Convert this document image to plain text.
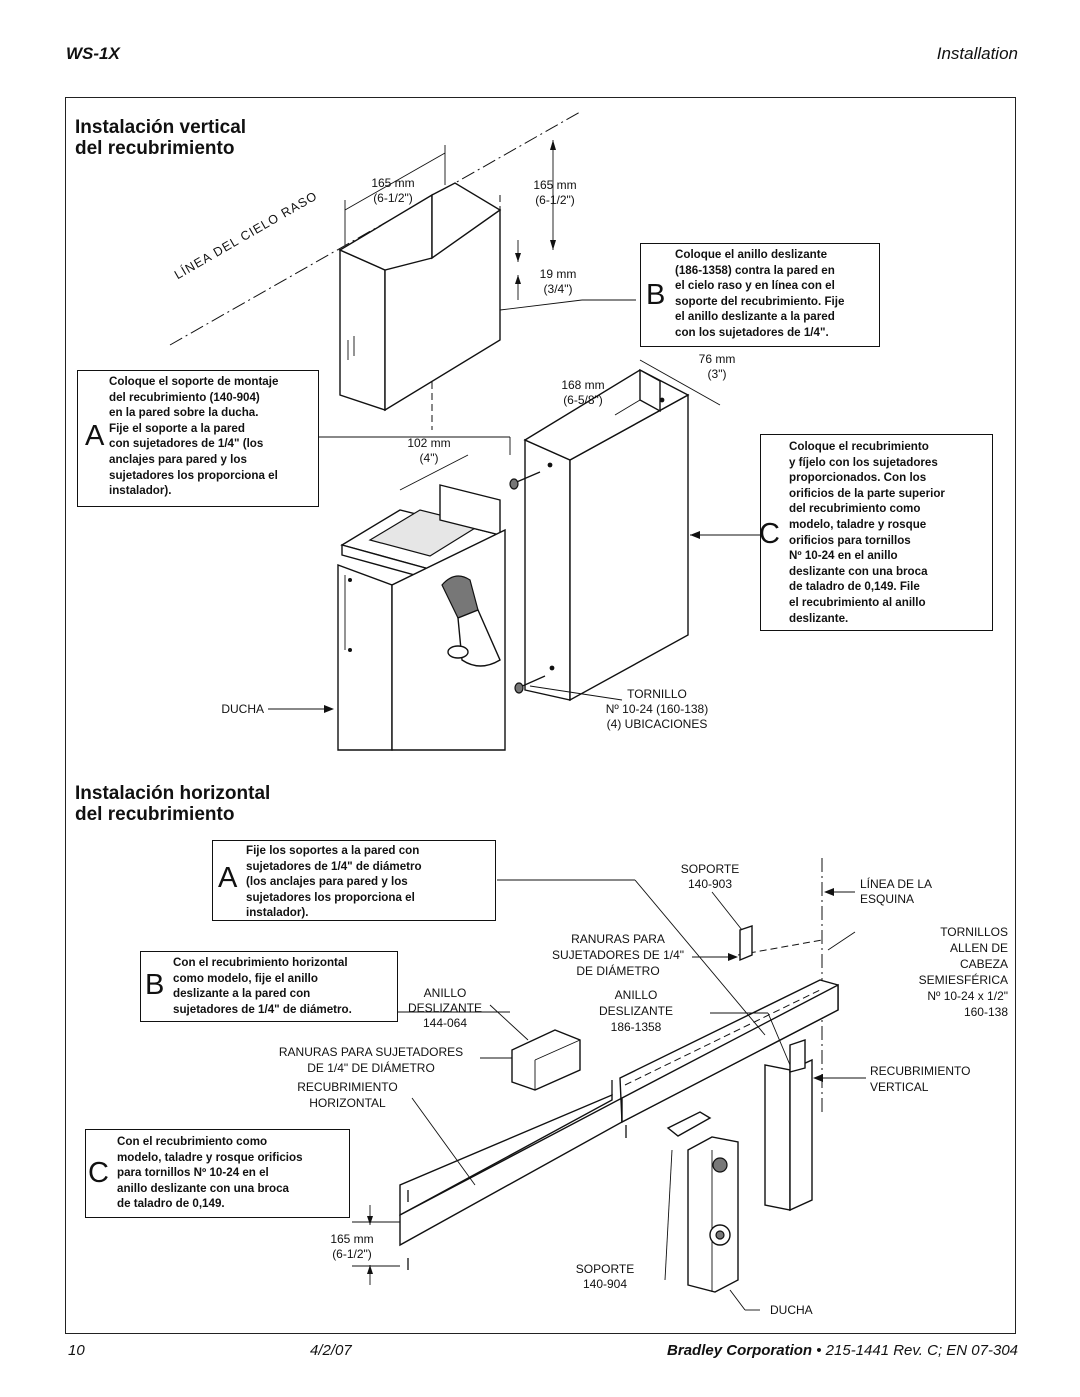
WS-1X	Installation
Instalación vertical
del recubrimiento
LÍNEA DEL CIELO RASO
165 mm
(6-1/2")
165 mm
(6-1/2")
19 mm
(3/4")
76 mm
(3")
168 mm
(6-5/8")
102 mm
(4")
DUCHA
TORNILLO
Nº 10-24 (160-138)
(4) UBICACIONES
A
Coloque el soporte de montaje
del recubrimiento (140-904)
en la pared sobre la ducha.
Fije el soporte a la pared
con sujetadores de 1/4" (los
anclajes para pared y los
sujetadores los proporciona el
instalador).
B
Coloque el anillo deslizante
(186-1358) contra la pared en
el cielo raso y en línea con el
soporte del recubrimiento. Fije
el anillo deslizante a la pared
con los sujetadores de 1/4".
C
Coloque el recubrimiento
y fíjelo con los sujetadores
proporcionados. Con los
orificios de la parte superior
del recubrimiento como
modelo, taladre y rosque
orificios para tornillos
Nº 10-24 en el anillo
deslizante con una broca
de taladro de 0,149. File
el recubrimiento al anillo
deslizante.
Instalación horizontal
del recubrimiento
A
Fije los soportes a la pared con
sujetadores de 1/4" de diámetro
(los anclajes para pared y los
sujetadores los proporciona el
instalador).
B
Con el recubrimiento horizontal
como modelo, fije el anillo
deslizante a la pared con
sujetadores de 1/4" de diámetro.
C
Con el recubrimiento como
modelo, taladre y rosque orificios
para tornillos Nº 10-24 en el
anillo deslizante con una broca
de taladro de 0,149.
SOPORTE
140-903	LÍNEA DE LA
ESQUINA
TORNILLOS
ALLEN DE
CABEZA
SEMIESFÉRICA
Nº 10-24 x 1/2"
160-138
RANURAS PARA
SUJETADORES DE 1/4"
DE DIÁMETRO
ANILLO
DESLIZANTE
144-064
ANILLO
DESLIZANTE
186-1358
RANURAS PARA SUJETADORES
DE 1/4" DE DIÁMETRO
RECUBRIMIENTO
HORIZONTAL
RECUBRIMIENTO
VERTICAL
165 mm
(6-1/2")
SOPORTE
140-904
DUCHA
10	4/2/07	Bradley Corporation • 215-1441 Rev. C; EN 07-304
